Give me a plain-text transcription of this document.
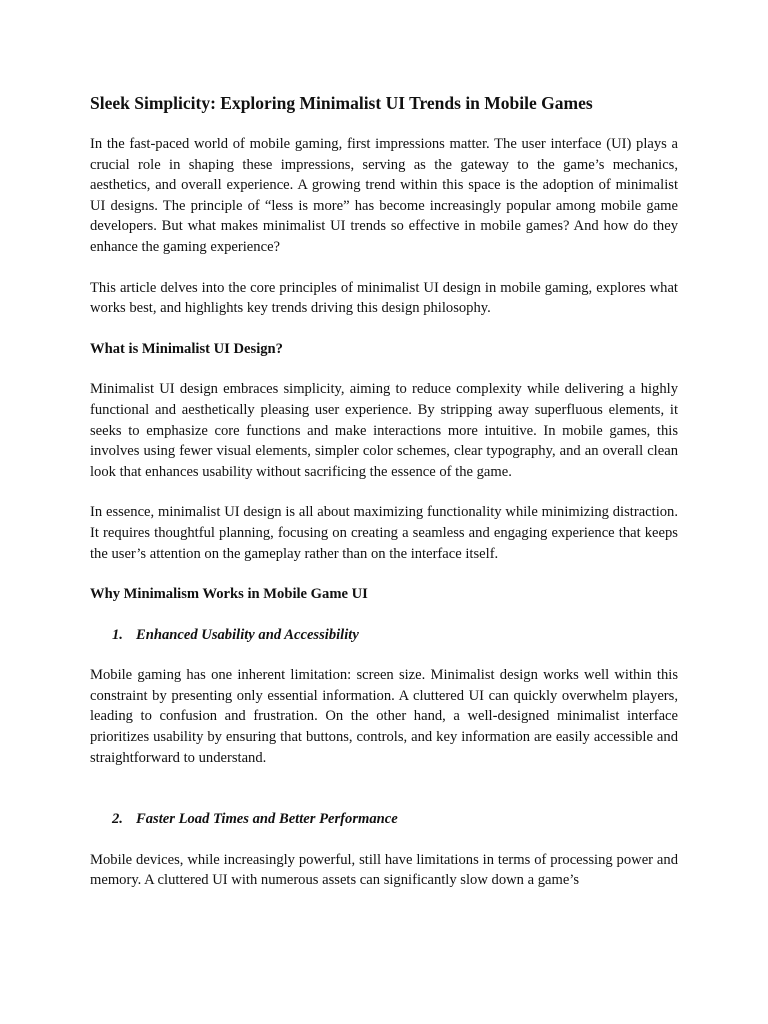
Sleek Simplicity: Exploring Minimalist UI Trends in Mobile Games

In the fast-paced world of mobile gaming, first impressions matter. The user interface (UI) plays a crucial role in shaping these impressions, serving as the gateway to the game’s mechanics, aesthetics, and overall experience. A growing trend within this space is the adoption of minimalist UI designs. The principle of “less is more” has become increasingly popular among mobile game developers. But what makes minimalist UI trends so effective in mobile games? And how do they enhance the gaming experience?

This article delves into the core principles of minimalist UI design in mobile gaming, explores what works best, and highlights key trends driving this design philosophy.

What is Minimalist UI Design?

Minimalist UI design embraces simplicity, aiming to reduce complexity while delivering a highly functional and aesthetically pleasing user experience. By stripping away superfluous elements, it seeks to emphasize core functions and make interactions more intuitive. In mobile games, this involves using fewer visual elements, simpler color schemes, clear typography, and an overall clean look that enhances usability without sacrificing the essence of the game.

In essence, minimalist UI design is all about maximizing functionality while minimizing distraction. It requires thoughtful planning, focusing on creating a seamless and engaging experience that keeps the user’s attention on the gameplay rather than on the interface itself.

Why Minimalism Works in Mobile Game UI
1. Enhanced Usability and Accessibility

Mobile gaming has one inherent limitation: screen size. Minimalist design works well within this constraint by presenting only essential information. A cluttered UI can quickly overwhelm players, leading to confusion and frustration. On the other hand, a well-designed minimalist interface prioritizes usability by ensuring that buttons, controls, and key information are easily accessible and straightforward to understand.

2. Faster Load Times and Better Performance

Mobile devices, while increasingly powerful, still have limitations in terms of processing power and memory. A cluttered UI with numerous assets can significantly slow down a game’s
